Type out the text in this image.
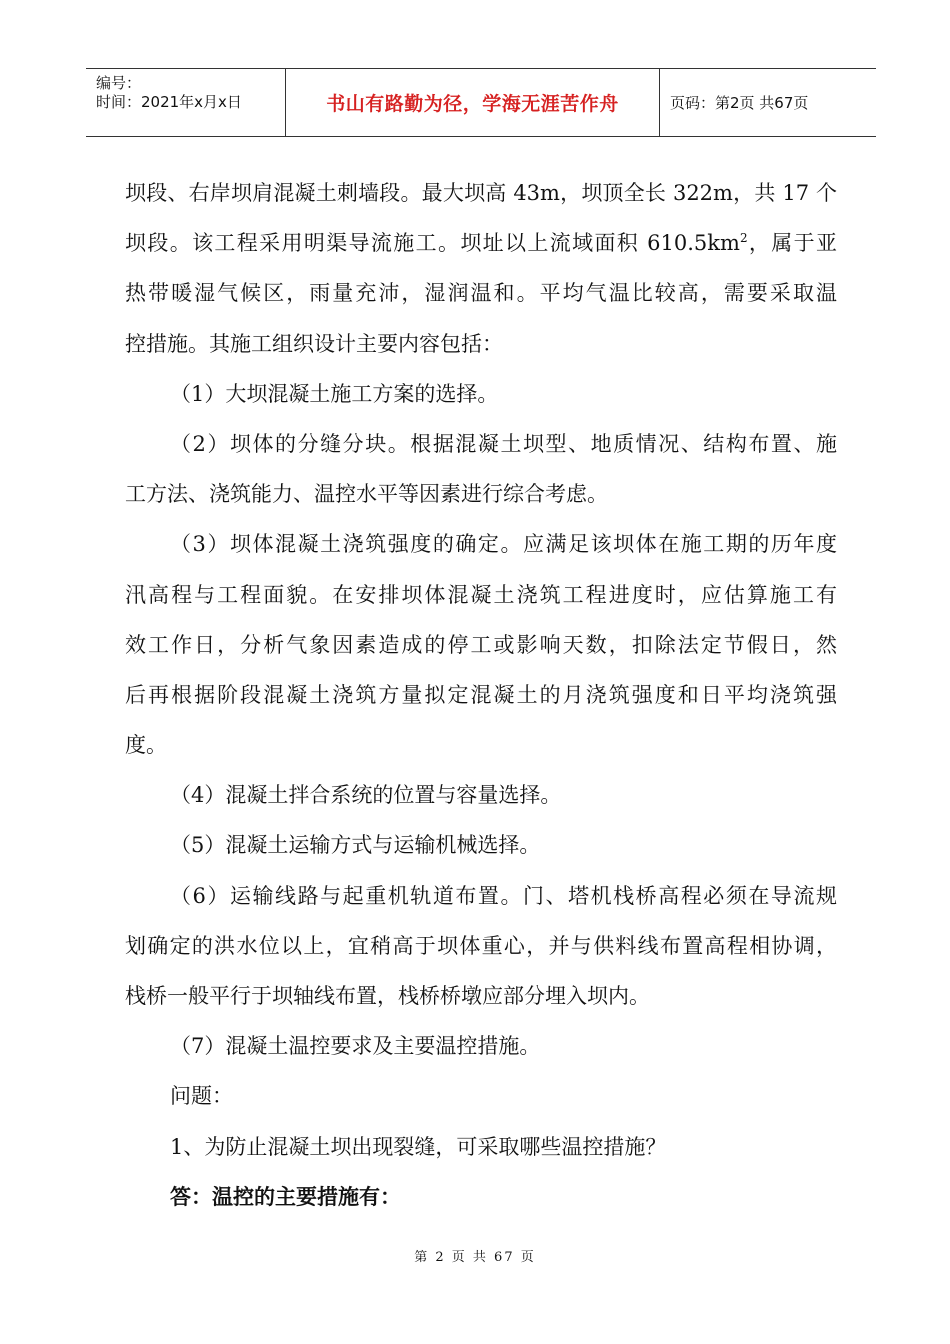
编号：
时间：2021年x月x日	书山有路勤为径，学海无涯苦作舟	页码：第2页 共67页
坝段、右岸坝肩混凝土刺墙段。最大坝高 43m，坝顶全长 322m，共 17 个
坝段。该工程采用明渠导流施工。坝址以上流域面积 $610.5km^2$，属于亚
热带暖湿气候区，雨量充沛，湿润温和。平均气温比较高，需要采取温
控措施。其施工组织设计主要内容包括：
（1）大坝混凝土施工方案的选择。
（2）坝体的分缝分块。根据混凝土坝型、地质情况、结构布置、施
工方法、浇筑能力、温控水平等因素进行综合考虑。
（3）坝体混凝土浇筑强度的确定。应满足该坝体在施工期的历年度
汛高程与工程面貌。在安排坝体混凝土浇筑工程进度时，应估算施工有
效工作日，分析气象因素造成的停工或影响天数，扣除法定节假日，然
后再根据阶段混凝土浇筑方量拟定混凝土的月浇筑强度和日平均浇筑强
度。
（4）混凝土拌合系统的位置与容量选择。
（5）混凝土运输方式与运输机械选择。
（6）运输线路与起重机轨道布置。门、塔机栈桥高程必须在导流规
划确定的洪水位以上，宜稍高于坝体重心，并与供料线布置高程相协调，
栈桥一般平行于坝轴线布置，栈桥桥墩应部分埋入坝内。
（7）混凝土温控要求及主要温控措施。
问题：
1、为防止混凝土坝出现裂缝，可采取哪些温控措施？
答：温控的主要措施有：
第 2 页 共 67 页
